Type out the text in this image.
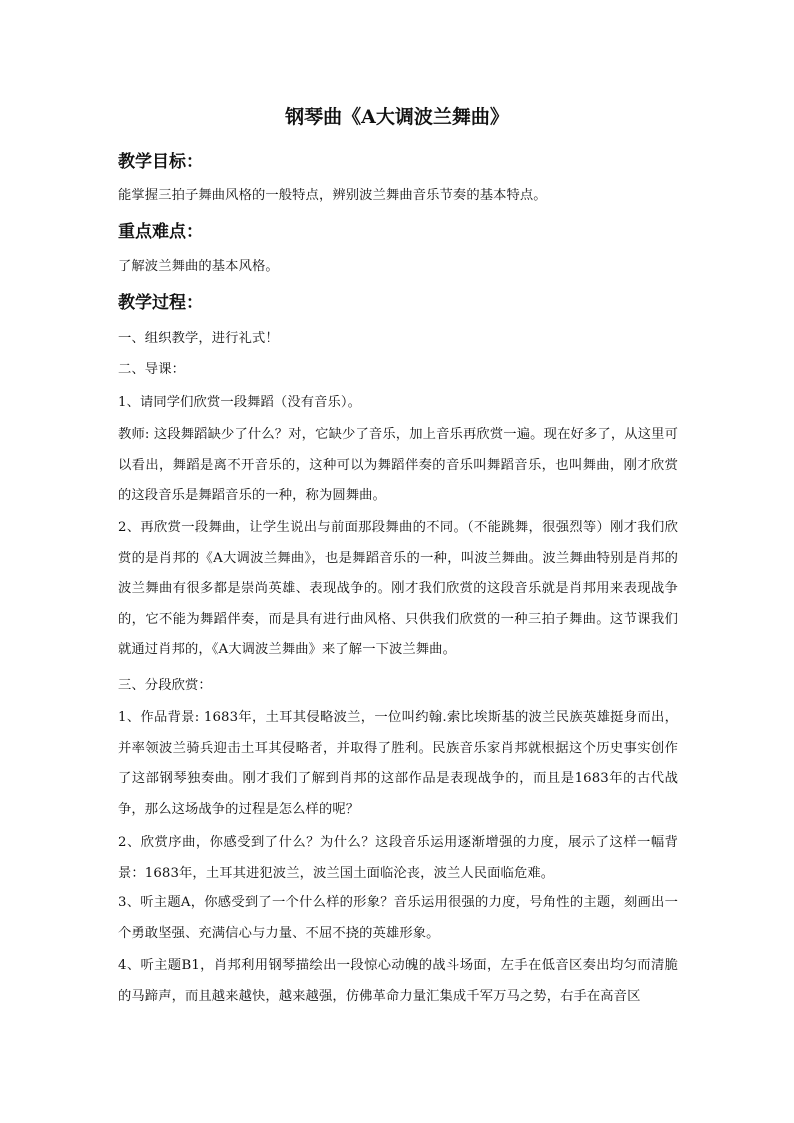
钢琴曲《A大调波兰舞曲》
教学目标：
能掌握三拍子舞曲风格的一般特点，辨别波兰舞曲音乐节奏的基本特点。
重点难点：
了解波兰舞曲的基本风格。
教学过程：
一、组织教学，进行礼式！
二、导课：
1、请同学们欣赏一段舞蹈（没有音乐）。
教师: 这段舞蹈缺少了什么？对，它缺少了音乐，加上音乐再欣赏一遍。现在好多了，从这里可以看出，舞蹈是离不开音乐的，这种可以为舞蹈伴奏的音乐叫舞蹈音乐，也叫舞曲，刚才欣赏的这段音乐是舞蹈音乐的一种，称为圆舞曲。
2、再欣赏一段舞曲，让学生说出与前面那段舞曲的不同。（不能跳舞，很强烈等）刚才我们欣赏的是肖邦的《A大调波兰舞曲》，也是舞蹈音乐的一种，叫波兰舞曲。波兰舞曲特别是肖邦的波兰舞曲有很多都是崇尚英雄、表现战争的。刚才我们欣赏的这段音乐就是肖邦用来表现战争的，它不能为舞蹈伴奏，而是具有进行曲风格、只供我们欣赏的一种三拍子舞曲。这节课我们就通过肖邦的，《A大调波兰舞曲》来了解一下波兰舞曲。
三、分段欣赏：
1、作品背景: 1683年，土耳其侵略波兰，一位叫约翰.索比埃斯基的波兰民族英雄挺身而出，并率领波兰骑兵迎击土耳其侵略者，并取得了胜利。民族音乐家肖邦就根据这个历史事实创作了这部钢琴独奏曲。刚才我们了解到肖邦的这部作品是表现战争的，而且是1683年的古代战争，那么这场战争的过程是怎么样的呢？
2、欣赏序曲，你感受到了什么？为什么？这段音乐运用逐渐增强的力度，展示了这样一幅背景：1683年，土耳其进犯波兰，波兰国土面临沦丧，波兰人民面临危难。
3、听主题A，你感受到了一个什么样的形象？音乐运用很强的力度，号角性的主题，刻画出一个勇敢坚强、充满信心与力量、不屈不挠的英雄形象。
4、听主题B1，肖邦利用钢琴描绘出一段惊心动魄的战斗场面，左手在低音区奏出均匀而清脆的马蹄声，而且越来越快，越来越强，仿佛革命力量汇集成千军万马之势，右手在高音区
